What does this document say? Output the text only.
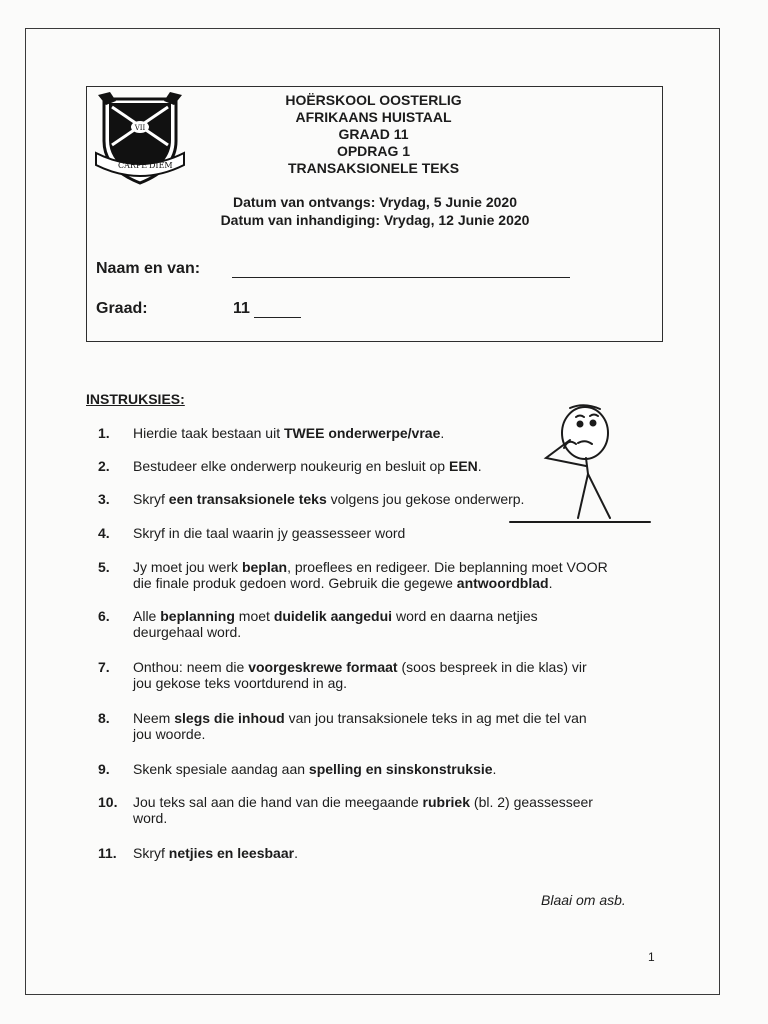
VII
CARPE DIEM
HOËRSKOOL OOSTERLIG
AFRIKAANS HUISTAAL
GRAAD 11
OPDRAG 1
TRANSAKSIONELE TEKS
Datum van ontvangs: Vrydag, 5 Junie 2020
Datum van inhandiging: Vrydag, 12 Junie 2020
Naam en van:
Graad:	11
INSTRUKSIES:
1. Hierdie taak bestaan uit TWEE onderwerpe/vrae.
2. Bestudeer elke onderwerp noukeurig en besluit op EEN.
3. Skryf een transaksionele teks volgens jou gekose onderwerp.
4. Skryf in die taal waarin jy geassesseer word
5. Jy moet jou werk beplan, proeflees en redigeer. Die beplanning moet VOOR
die finale produk gedoen word. Gebruik die gegewe antwoordblad.
6. Alle beplanning moet duidelik aangedui word en daarna netjies
deurgehaal word.
7. Onthou: neem die voorgeskrewe formaat (soos bespreek in die klas) vir
jou gekose teks voortdurend in ag.
8. Neem slegs die inhoud van jou transaksionele teks in ag met die tel van
jou woorde.
9. Skenk spesiale aandag aan spelling en sinskonstruksie.
10. Jou teks sal aan die hand van die meegaande rubriek (bl. 2) geassesseer
word.
11. Skryf netjies en leesbaar.
Blaai om asb.
1
